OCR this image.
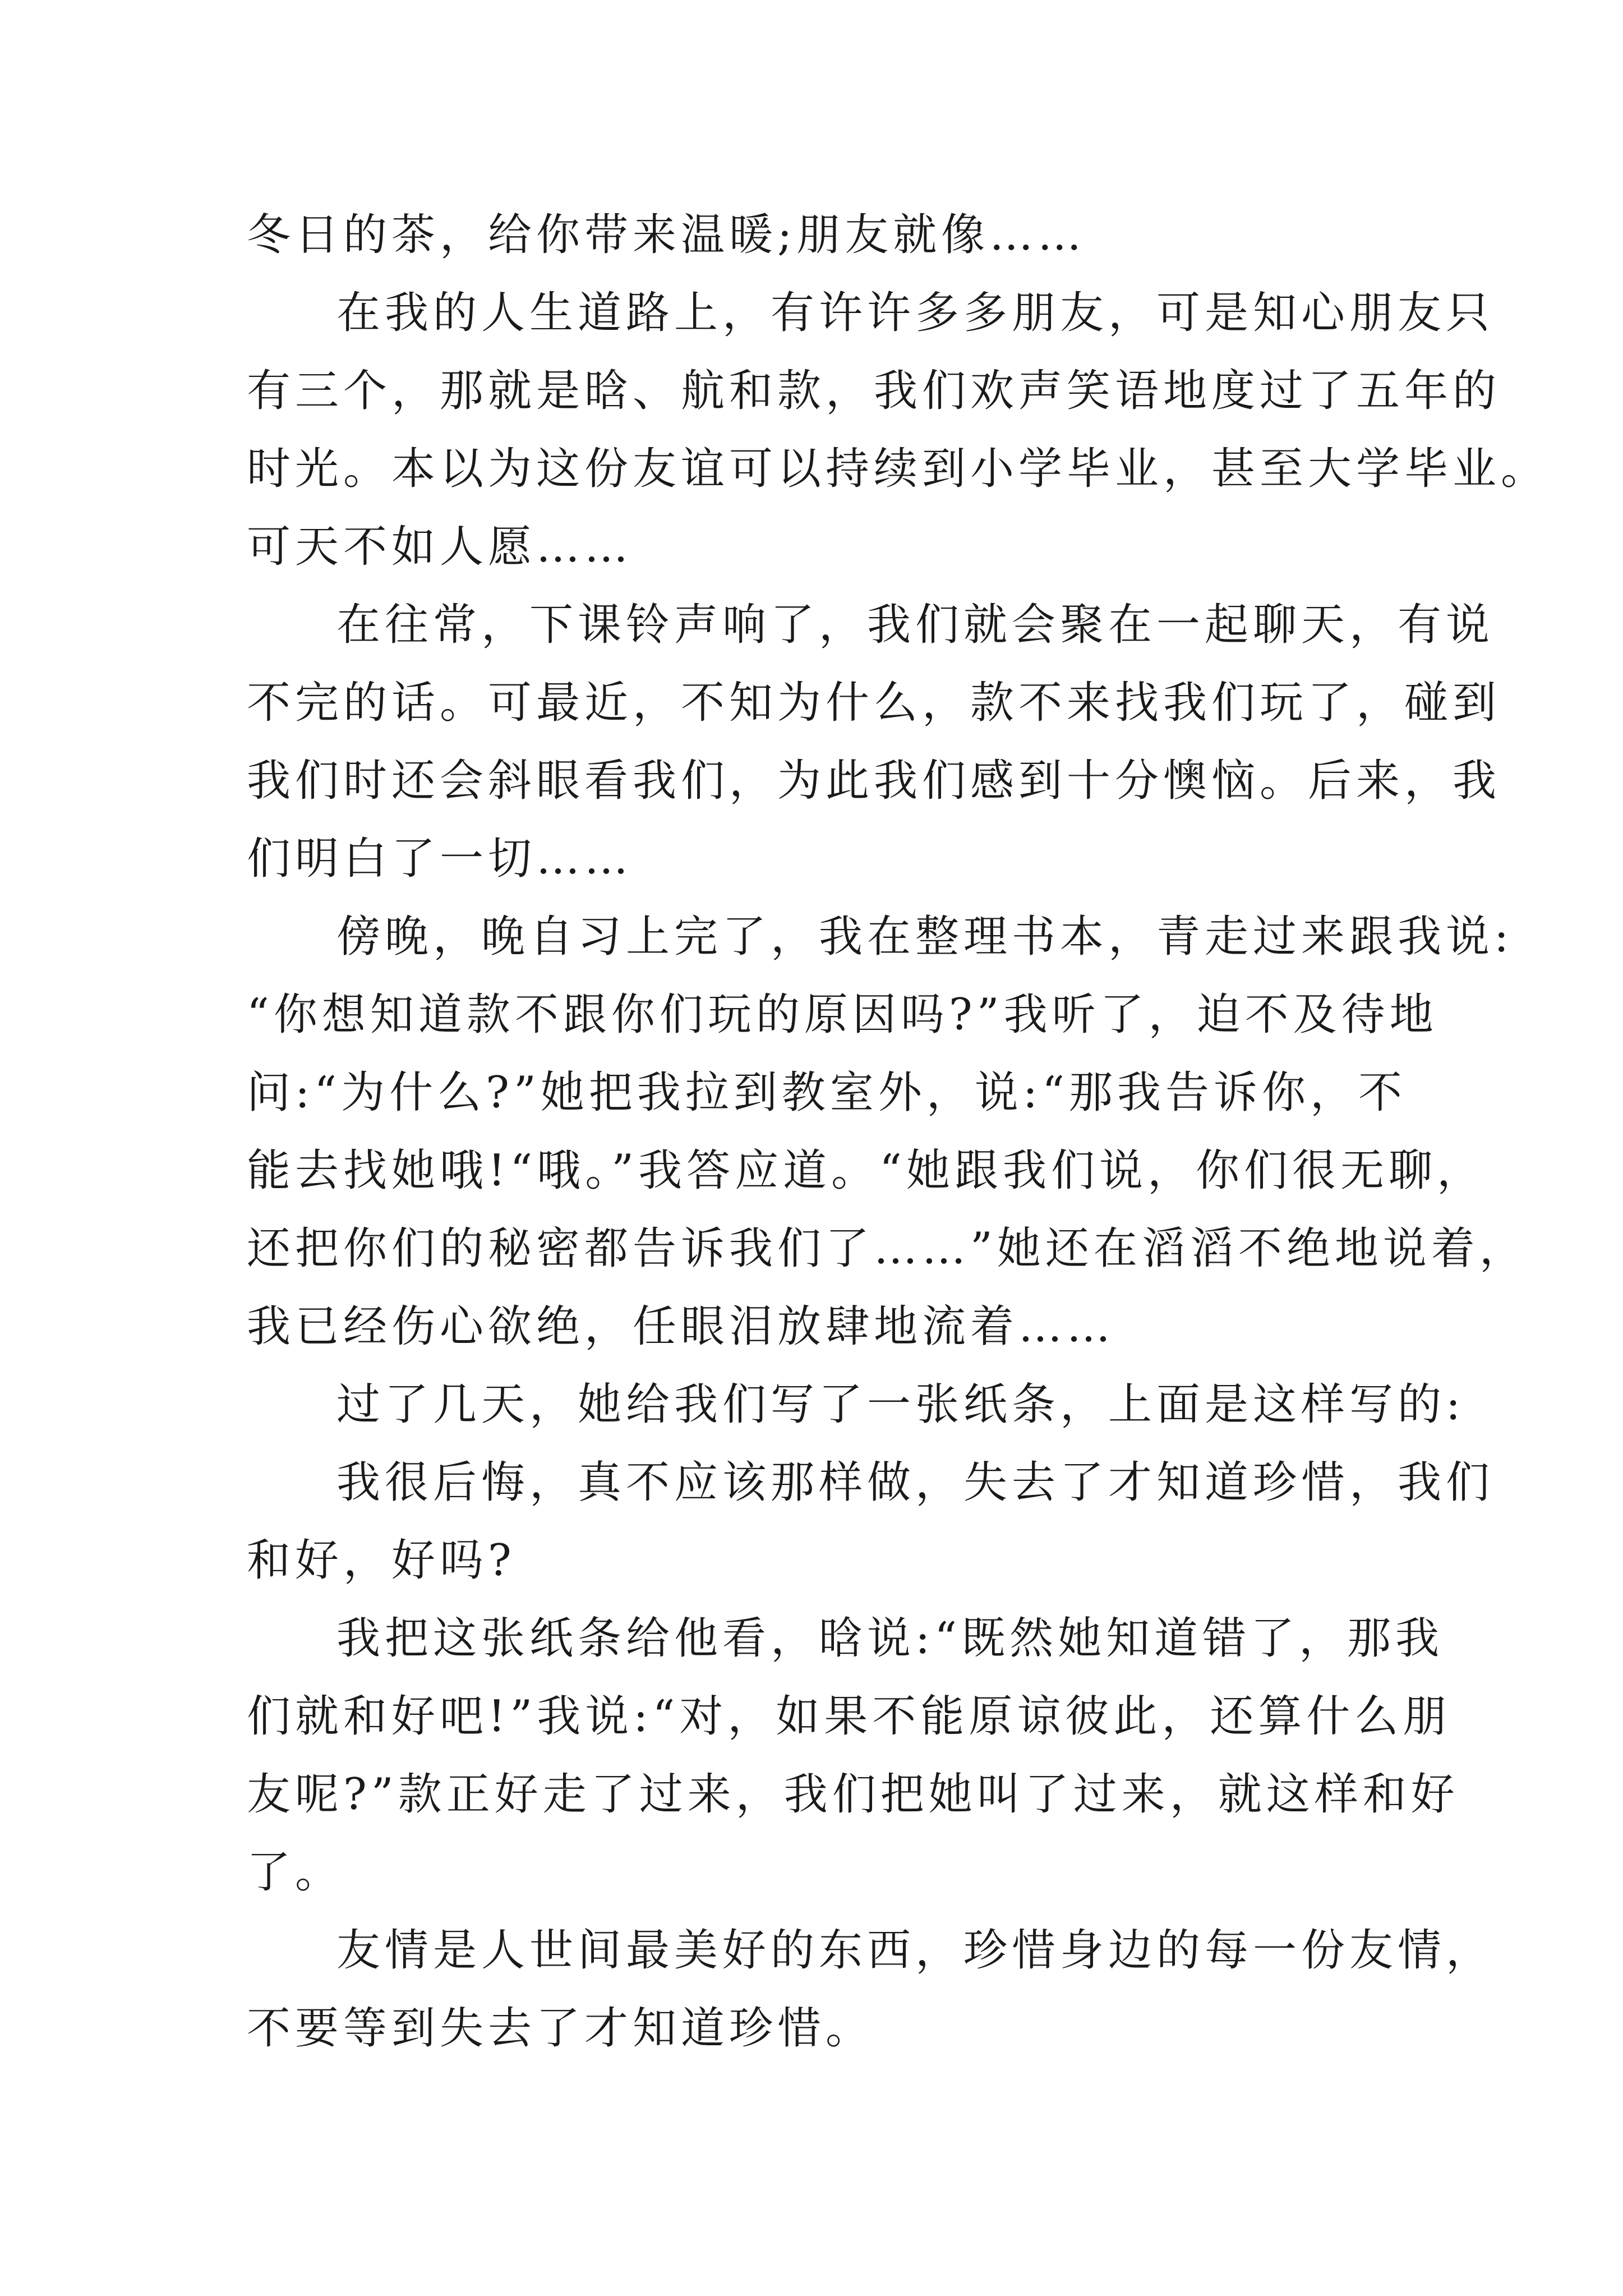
冬日的茶，给你带来温暖;朋友就像……

在我的人生道路上，有许许多多朋友，可是知心朋友只

有三个，那就是晗、航和款，我们欢声笑语地度过了五年的

时光。本以为这份友谊可以持续到小学毕业，甚至大学毕业。

可天不如人愿……

在往常，下课铃声响了，我们就会聚在一起聊天，有说

不完的话。可最近，不知为什么，款不来找我们玩了，碰到

我们时还会斜眼看我们，为此我们感到十分懊恼。后来，我

们明白了一切……

傍晚，晚自习上完了，我在整理书本，青走过来跟我说:

“你想知道款不跟你们玩的原因吗?”我听了，迫不及待地

问:“为什么?”她把我拉到教室外，说:“那我告诉你，不

能去找她哦!“哦。”我答应道。“她跟我们说，你们很无聊，

还把你们的秘密都告诉我们了……”她还在滔滔不绝地说着，

我已经伤心欲绝，任眼泪放肆地流着……

过了几天，她给我们写了一张纸条，上面是这样写的:

我很后悔，真不应该那样做，失去了才知道珍惜，我们

和好，好吗?

我把这张纸条给他看，晗说:“既然她知道错了，那我

们就和好吧!”我说:“对，如果不能原谅彼此，还算什么朋

友呢?”款正好走了过来，我们把她叫了过来，就这样和好

了。

友情是人世间最美好的东西，珍惜身边的每一份友情，

不要等到失去了才知道珍惜。
